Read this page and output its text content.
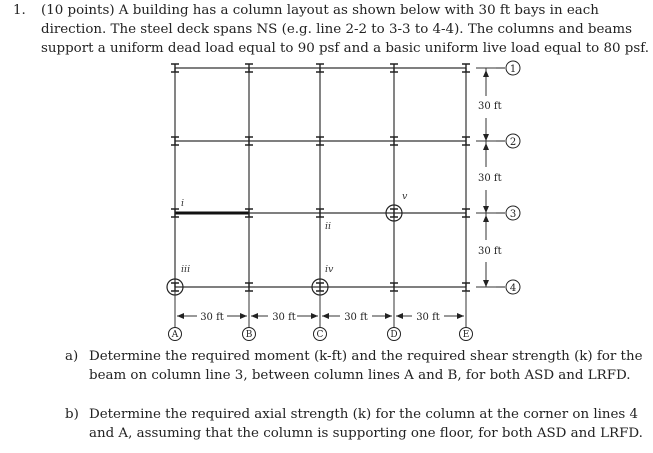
1. (10 points) A building has a column layout as shown below with 30 ft bays in each direction. The steel deck spans NS (e.g. line 2-2 to 3-3 to 4-4). The columns and beams support a uniform dead load equal to 90 psf and a basic uniform live load equal to 80 psf.
i
ii
iii	iv
v
30 ft
30 ft
30 ft
1
2
3
4
30 ft	30 ft	30 ft	30 ft
A	B	C	D	E
a) Determine the required moment (k-ft) and the required shear strength (k) for the beam on column line 3, between column lines A and B, for both ASD and LRFD.
b) Determine the required axial strength (k) for the column at the corner on lines 4 and A, assuming that the column is supporting one floor, for both ASD and LRFD.
